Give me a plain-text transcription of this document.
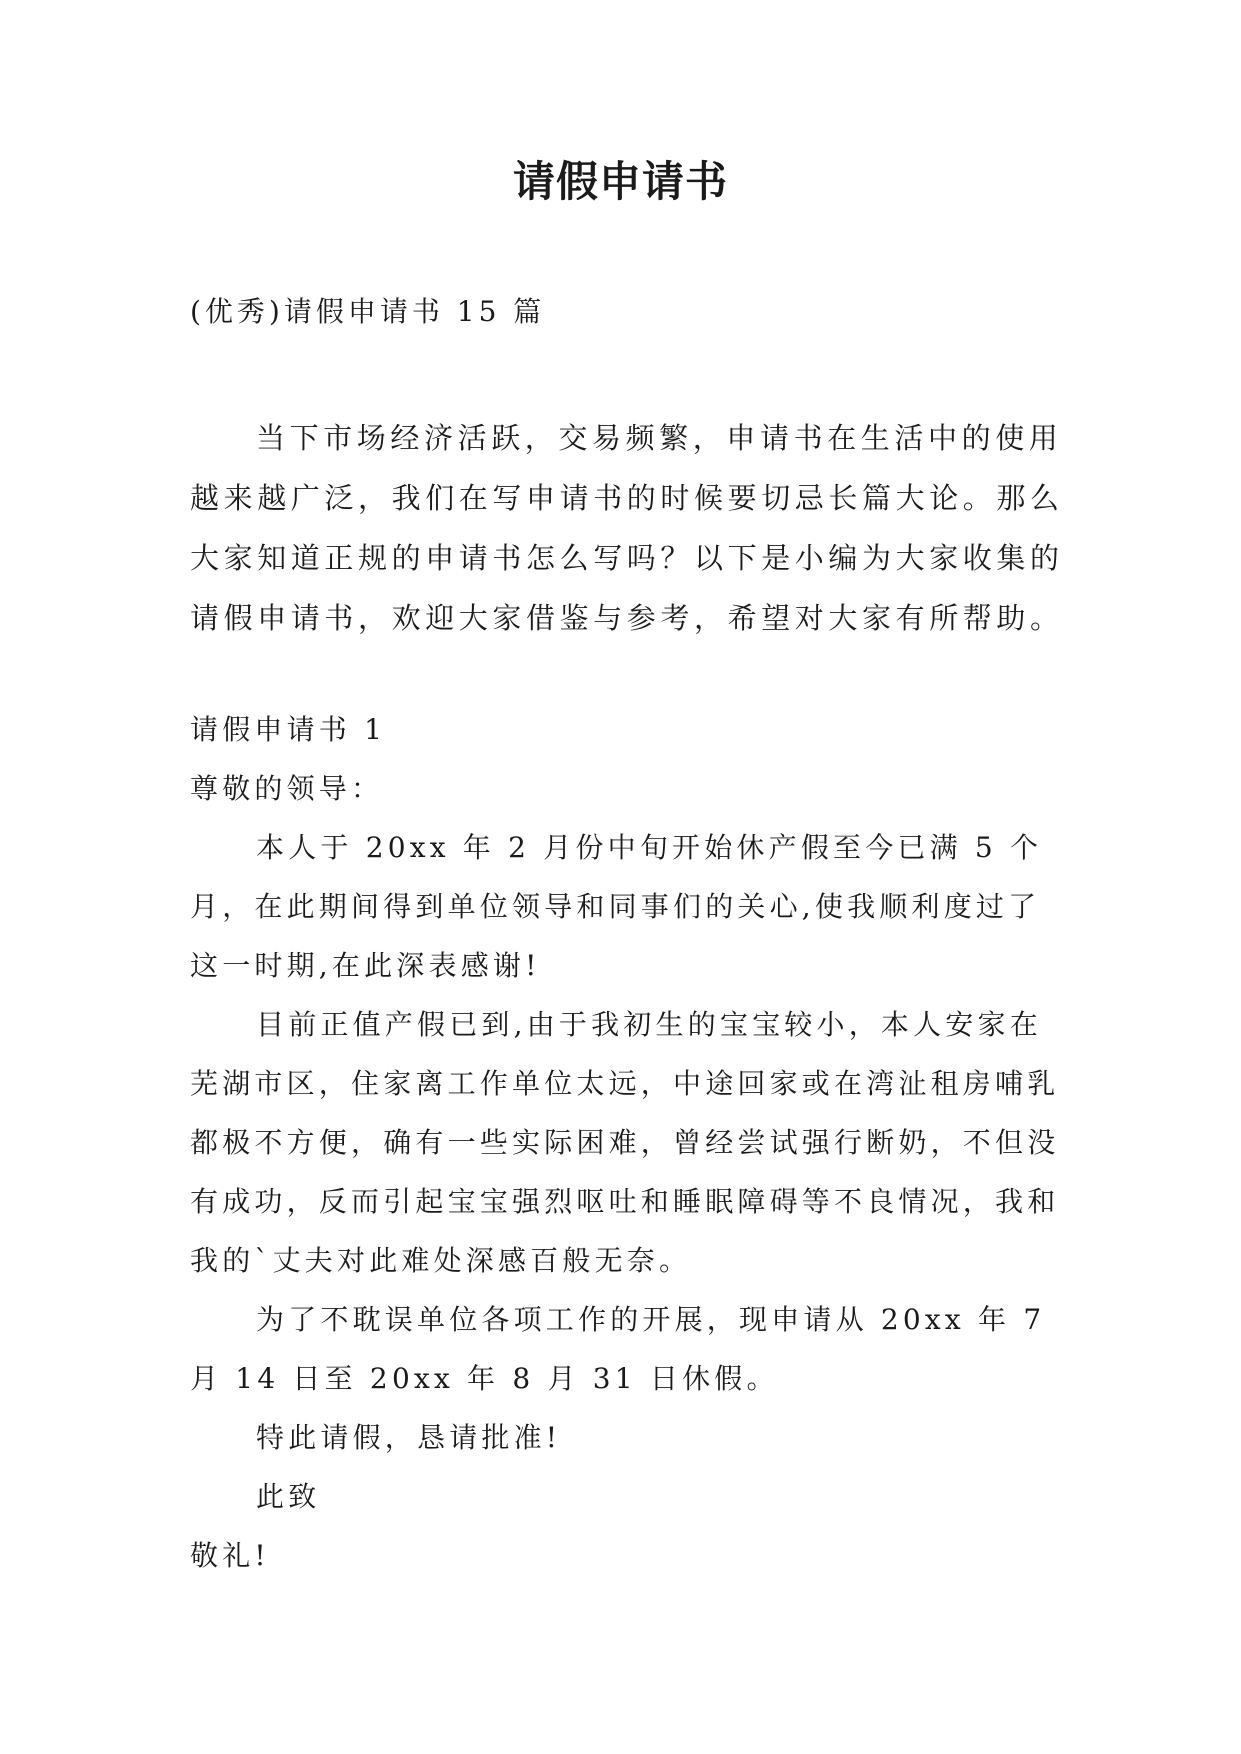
请假申请书
(优秀)请假申请书 15 篇
当下市场经济活跃，交易频繁，申请书在生活中的使用越来越广泛，我们在写申请书的时候要切忌长篇大论。那么大家知道正规的申请书怎么写吗？以下是小编为大家收集的请假申请书，欢迎大家借鉴与参考，希望对大家有所帮助。

请假申请书 1

尊敬的领导：

本人于 20xx 年 2 月份中旬开始休产假至今已满 5 个月，在此期间得到单位领导和同事们的关心,使我顺利度过了这一时期,在此深表感谢!

目前正值产假已到,由于我初生的宝宝较小，本人安家在芜湖市区，住家离工作单位太远，中途回家或在湾沚租房哺乳都极不方便，确有一些实际困难，曾经尝试强行断奶，不但没有成功，反而引起宝宝强烈呕吐和睡眠障碍等不良情况，我和我的`丈夫对此难处深感百般无奈。

为了不耽误单位各项工作的开展，现申请从 20xx 年 7 月 14 日至 20xx 年 8 月 31 日休假。

特此请假，恳请批准!

此致

敬礼!
